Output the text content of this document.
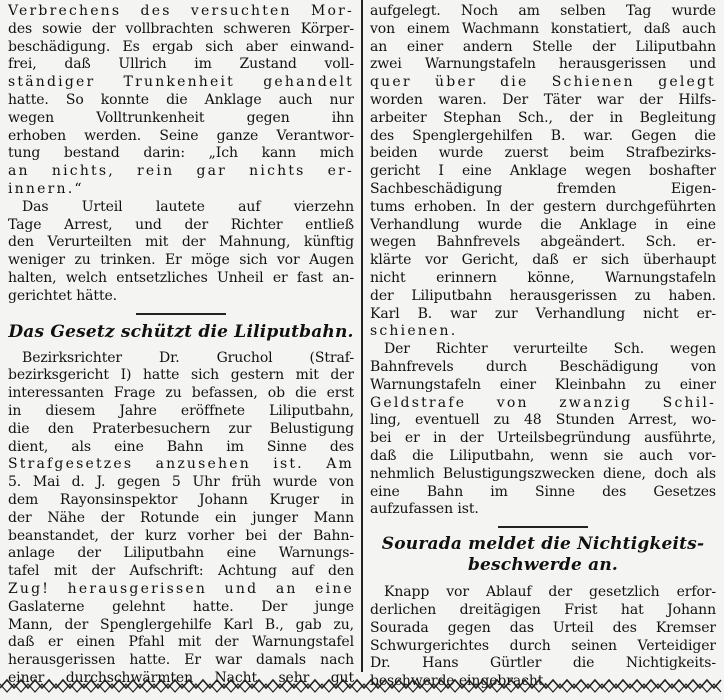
Verbrechens des versuchten Mor-
des sowie der vollbrachten schweren Körper-
beschädigung. Es ergab sich aber einwand-
frei, daß Ullrich im Zustand voll-
ständiger Trunkenheit gehandelt
hatte. So konnte die Anklage auch nur
wegen Volltrunkenheit gegen ihn
erhoben werden. Seine ganze Verantwor-
tung bestand darin: „Ich kann mich
an nichts, rein gar nichts er-
innern.“
Das Urteil lautete auf vierzehn
Tage Arrest, und der Richter entließ
den Verurteilten mit der Mahnung, künftig
weniger zu trinken. Er möge sich vor Augen
halten, welch entsetzliches Unheil er fast an-
gerichtet hätte.
Das Gesetz schützt die Liliputbahn.
Bezirksrichter Dr. Gruchol (Straf-
bezirksgericht I) hatte sich gestern mit der
interessanten Frage zu befassen, ob die erst
in diesem Jahre eröffnete Liliputbahn,
die den Praterbesuchern zur Belustigung
dient, als eine Bahn im Sinne des
Strafgesetzes anzusehen ist. Am
5. Mai d. J. gegen 5 Uhr früh wurde von
dem Rayonsinspektor Johann Kruger in
der Nähe der Rotunde ein junger Mann
beanstandet, der kurz vorher bei der Bahn-
anlage der Liliputbahn eine Warnungs-
tafel mit der Aufschrift: Achtung auf den
Zug! herausgerissen und an eine
Gaslaterne gelehnt hatte. Der junge
Mann, der Spenglergehilfe Karl B., gab zu,
daß er einen Pfahl mit der Warnungstafel
herausgerissen hatte. Er war damals nach
einer durchschwärmten Nacht sehr gut
aufgelegt. Noch am selben Tag wurde
von einem Wachmann konstatiert, daß auch
an einer andern Stelle der Liliputbahn
zwei Warnungstafeln herausgerissen und
quer über die Schienen gelegt
worden waren. Der Täter war der Hilfs-
arbeiter Stephan Sch., der in Begleitung
des Spenglergehilfen B. war. Gegen die
beiden wurde zuerst beim Strafbezirks-
gericht I eine Anklage wegen boshafter
Sachbeschädigung fremden Eigen-
tums erhoben. In der gestern durchgeführten
Verhandlung wurde die Anklage in eine
wegen Bahnfrevels abgeändert. Sch. er-
klärte vor Gericht, daß er sich überhaupt
nicht erinnern könne, Warnungstafeln
der Liliputbahn herausgerissen zu haben.
Karl B. war zur Verhandlung nicht er-
schienen.
Der Richter verurteilte Sch. wegen
Bahnfrevels durch Beschädigung von
Warnungstafeln einer Kleinbahn zu einer
Geldstrafe von zwanzig Schil-
ling, eventuell zu 48 Stunden Arrest, wo-
bei er in der Urteilsbegründung ausführte,
daß die Liliputbahn, wenn sie auch vor-
nehmlich Belustigungszwecken diene, doch als
eine Bahn im Sinne des Gesetzes
aufzufassen ist.
Sourada meldet die Nichtigkeits-
beschwerde an.
Knapp vor Ablauf der gesetzlich erfor-
derlichen dreitägigen Frist hat Johann
Sourada gegen das Urteil des Kremser
Schwurgerichtes durch seinen Verteidiger
Dr. Hans Gürtler die Nichtigkeits-
beschwerde eingebracht.
